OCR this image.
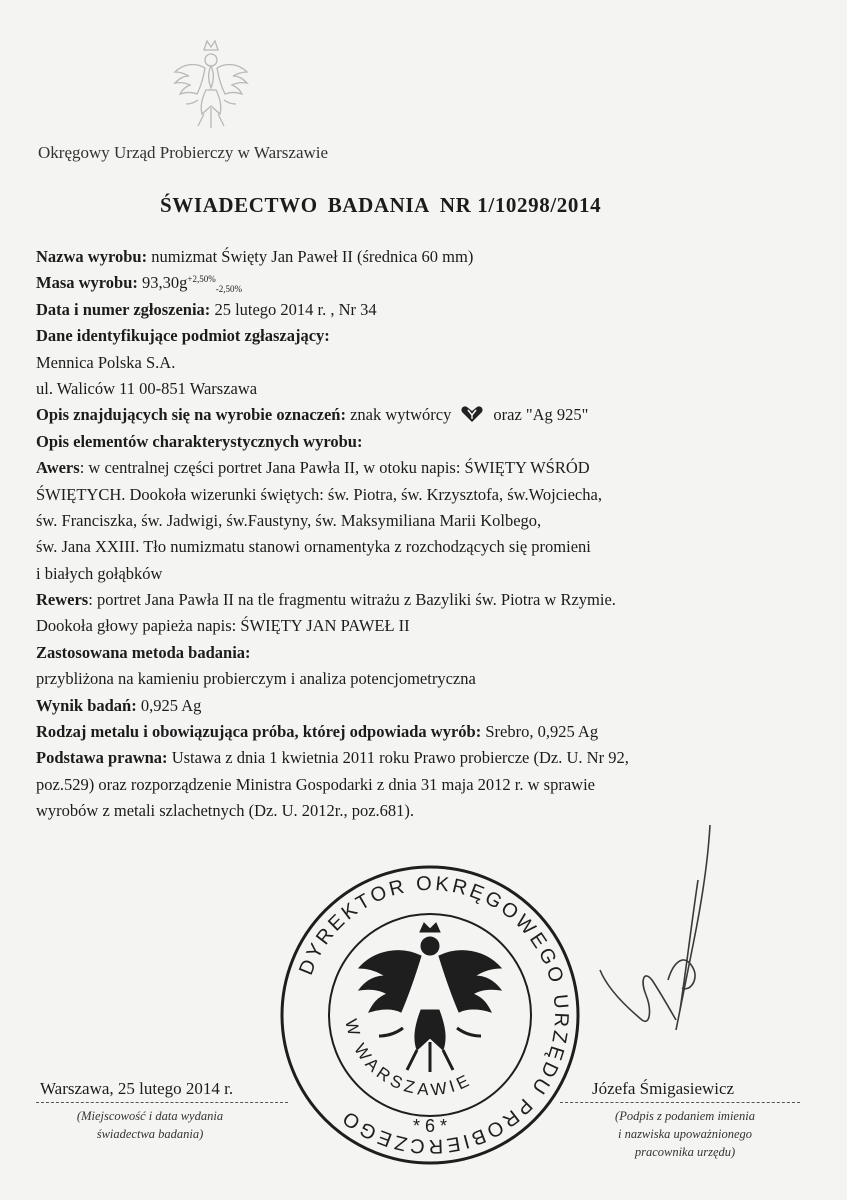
Okręgowy Urząd Probierczy w Warszawie
ŚWIADECTWO BADANIA NR 1/10298/2014
Nazwa wyrobu: numizmat Święty Jan Paweł II (średnica 60 mm)
Masa wyrobu: $93,30g^{+2,50\%}_{-2,50\%}$
Data i numer zgłoszenia: 25 lutego 2014 r. , Nr 34
Dane identyfikujące podmiot zgłaszający:
Mennica Polska S.A.
ul. Waliców 11 00-851 Warszawa
Opis znajdujących się na wyrobie oznaczeń: znak wytwórcy	oraz "Ag 925"
Opis elementów charakterystycznych wyrobu:
Awers: w centralnej części portret Jana Pawła II, w otoku napis: ŚWIĘTY WŚRÓD
ŚWIĘTYCH. Dookoła wizerunki świętych: św. Piotra, św. Krzysztofa, św.Wojciecha,
św. Franciszka, św. Jadwigi, św.Faustyny, św. Maksymiliana Marii Kolbego,
św. Jana XXIII. Tło numizmatu stanowi ornamentyka z rozchodzących się promieni
i białych gołąbków
Rewers: portret Jana Pawła II na tle fragmentu witrażu z Bazyliki św. Piotra w Rzymie.
Dookoła głowy papieża napis: ŚWIĘTY JAN PAWEŁ II
Zastosowana metoda badania:
przybliżona na kamieniu probierczym i analiza potencjometryczna
Wynik badań: 0,925 Ag
Rodzaj metalu i obowiązująca próba, której odpowiada wyrób: Srebro, 0,925 Ag
Podstawa prawna: Ustawa z dnia 1 kwietnia 2011 roku Prawo probiercze (Dz. U. Nr 92,
poz.529) oraz rozporządzenie Ministra Gospodarki z dnia 31 maja 2012 r. w sprawie
wyrobów z metali szlachetnych (Dz. U. 2012r., poz.681).
DYREKTOR OKRĘGOWEGO URZĘDU PROBIERCZEGO
W WARSZAWIE
* 6 *
Warszawa, 25 lutego 2014 r.
(Miejscowość i data wydania
świadectwa badania)
Józefa Śmigasiewicz
(Podpis z podaniem imienia
i nazwiska upoważnionego
pracownika urzędu)
